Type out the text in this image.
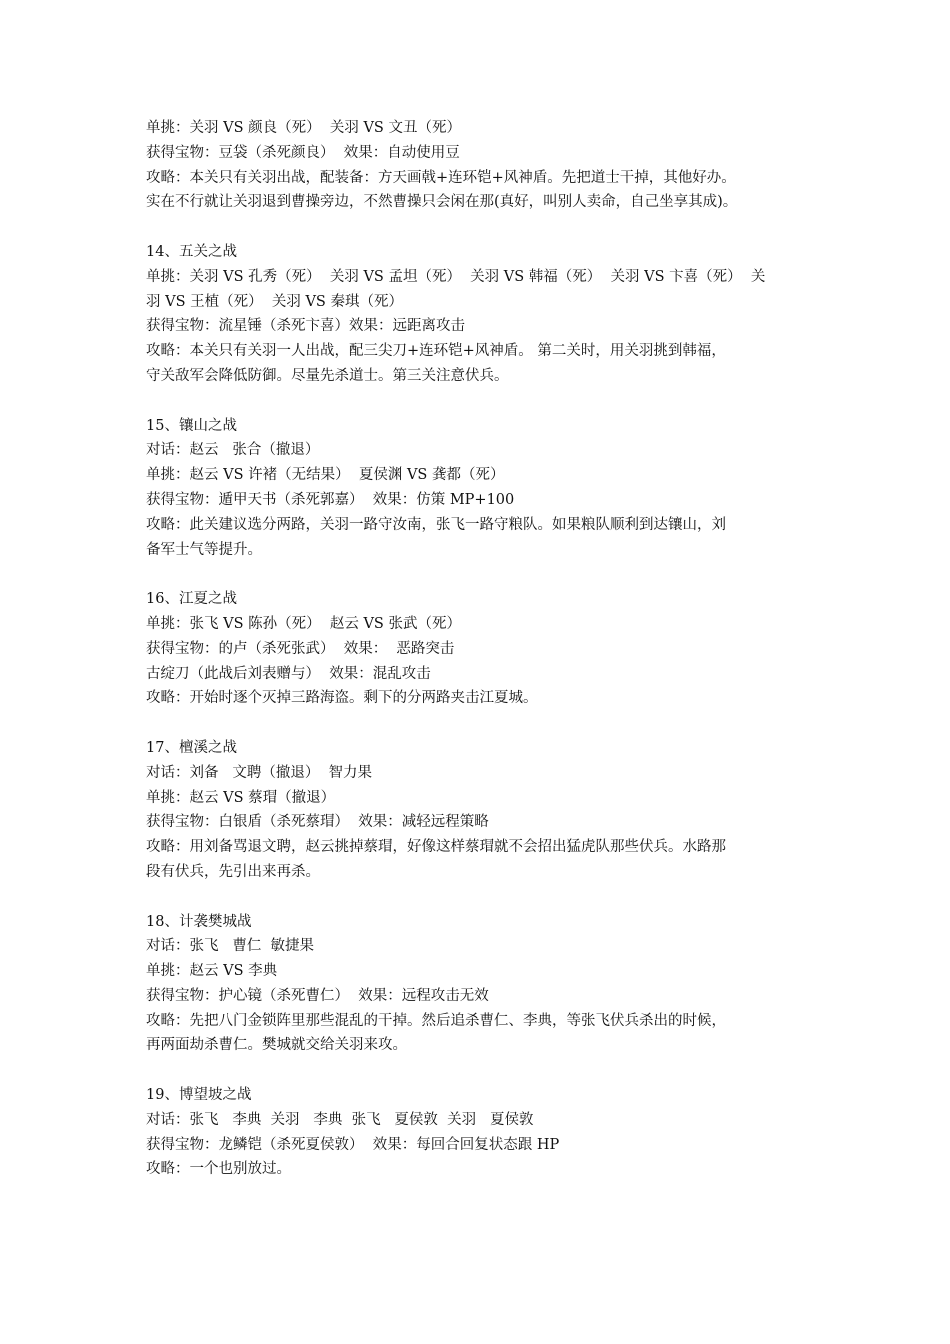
单挑：关羽 VS 颜良（死）  关羽 VS 文丑（死）
获得宝物：豆袋（杀死颜良）  效果：自动使用豆
攻略：本关只有关羽出战，配装备：方天画戟+连环铠+风神盾。先把道士干掉，其他好办。
实在不行就让关羽退到曹操旁边，不然曹操只会闲在那(真好，叫别人卖命，自己坐享其成)。
14、五关之战
单挑：关羽 VS 孔秀（死）  关羽 VS 孟坦（死）  关羽 VS 韩福（死）  关羽 VS 卞喜（死）  关
羽 VS 王植（死）  关羽 VS 秦琪（死）
获得宝物：流星锤（杀死卞喜）效果：远距离攻击
攻略：本关只有关羽一人出战，配三尖刀+连环铠+风神盾。 第二关时，用关羽挑到韩福，
守关敌军会降低防御。尽量先杀道士。第三关注意伏兵。
15、镶山之战
对话：赵云   张合（撤退）
单挑：赵云 VS 许褚（无结果）  夏侯渊 VS 龚都（死）
获得宝物：遁甲天书（杀死郭嘉）  效果：仿策 MP+100
攻略：此关建议选分两路，关羽一路守汝南，张飞一路守粮队。如果粮队顺利到达镶山，刘
备军士气等提升。
16、江夏之战
单挑：张飞 VS 陈孙（死）  赵云 VS 张武（死）
获得宝物：的卢（杀死张武）  效果：  恶路突击
古绽刀（此战后刘表赠与）  效果：混乱攻击
攻略：开始时逐个灭掉三路海盗。剩下的分两路夹击江夏城。
17、檀溪之战
对话：刘备   文聘（撤退）  智力果
单挑：赵云 VS 蔡瑁（撤退）
获得宝物：白银盾（杀死蔡瑁）  效果：减轻远程策略
攻略：用刘备骂退文聘，赵云挑掉蔡瑁，好像这样蔡瑁就不会招出猛虎队那些伏兵。水路那
段有伏兵，先引出来再杀。
18、计袭樊城战
对话：张飞   曹仁  敏捷果
单挑：赵云 VS 李典
获得宝物：护心镜（杀死曹仁）  效果：远程攻击无效
攻略：先把八门金锁阵里那些混乱的干掉。然后追杀曹仁、李典，等张飞伏兵杀出的时候，
再两面劫杀曹仁。樊城就交给关羽来攻。
19、博望坡之战
对话：张飞   李典  关羽   李典  张飞   夏侯敦  关羽   夏侯敦
获得宝物：龙鳞铠（杀死夏侯敦）  效果：每回合回复状态跟 HP
攻略：一个也别放过。
